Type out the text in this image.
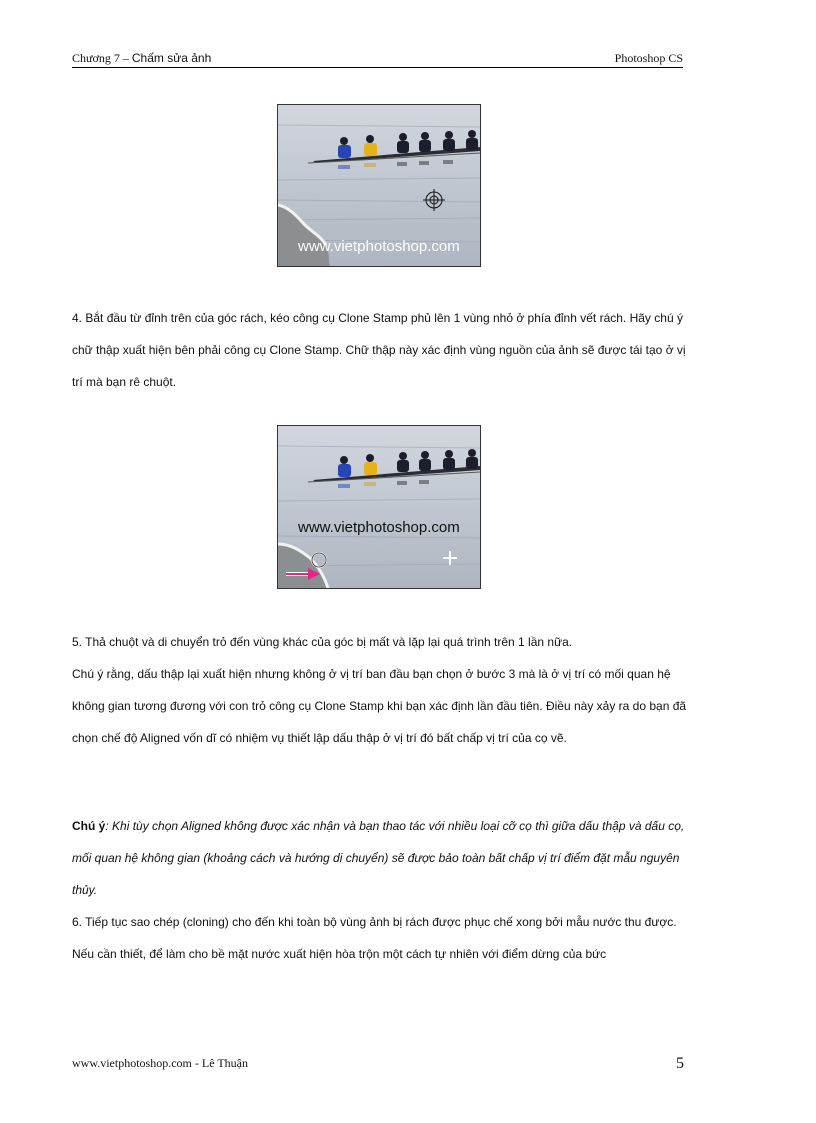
Chương 7 – Chấm sửa ảnh	Photoshop CS
www.vietphotoshop.com
4. Bắt đầu từ đỉnh trên của góc rách, kéo công cụ Clone Stamp phủ lên 1 vùng nhỏ ở phía đỉnh vết rách. Hãy chú ý chữ thập xuất hiện bên phải công cụ Clone Stamp. Chữ thập này xác định vùng nguồn của ảnh sẽ được tái tạo ở vị trí mà bạn rê chuột.
www.vietphotoshop.com
5. Thả chuột và di chuyển trỏ đến vùng khác của góc bị mất và lặp lại quá trình trên 1 lần nữa.
Chú ý rằng, dấu thập lại xuất hiện nhưng không ở vị trí ban đầu bạn chọn ở bước 3 mà là ở vị trí có mối quan hệ không gian tương đương với con trỏ công cụ Clone Stamp khi bạn xác định lần đầu tiên. Điều này xảy ra do bạn đã chọn chế độ Aligned vốn dĩ có nhiệm vụ thiết lập dấu thập ở vị trí đó bất chấp vị trí của cọ vẽ.
Chú ý: Khi tùy chọn Aligned không được xác nhận và bạn thao tác với nhiều loại cỡ cọ thì giữa dấu thập và dấu cọ, mối quan hệ không gian (khoảng cách và hướng di chuyển) sẽ được bảo toàn bất chấp vị trí điểm đặt mẫu nguyên thủy.
6. Tiếp tục sao chép (cloning) cho đến khi toàn bộ vùng ảnh bị rách được phục chế xong bởi mẫu nước thu được.
Nếu cần thiết, để làm cho bề mặt nước xuất hiện hòa trộn một cách tự nhiên với điểm dừng của bức
www.vietphotoshop.com - Lê Thuận	5
